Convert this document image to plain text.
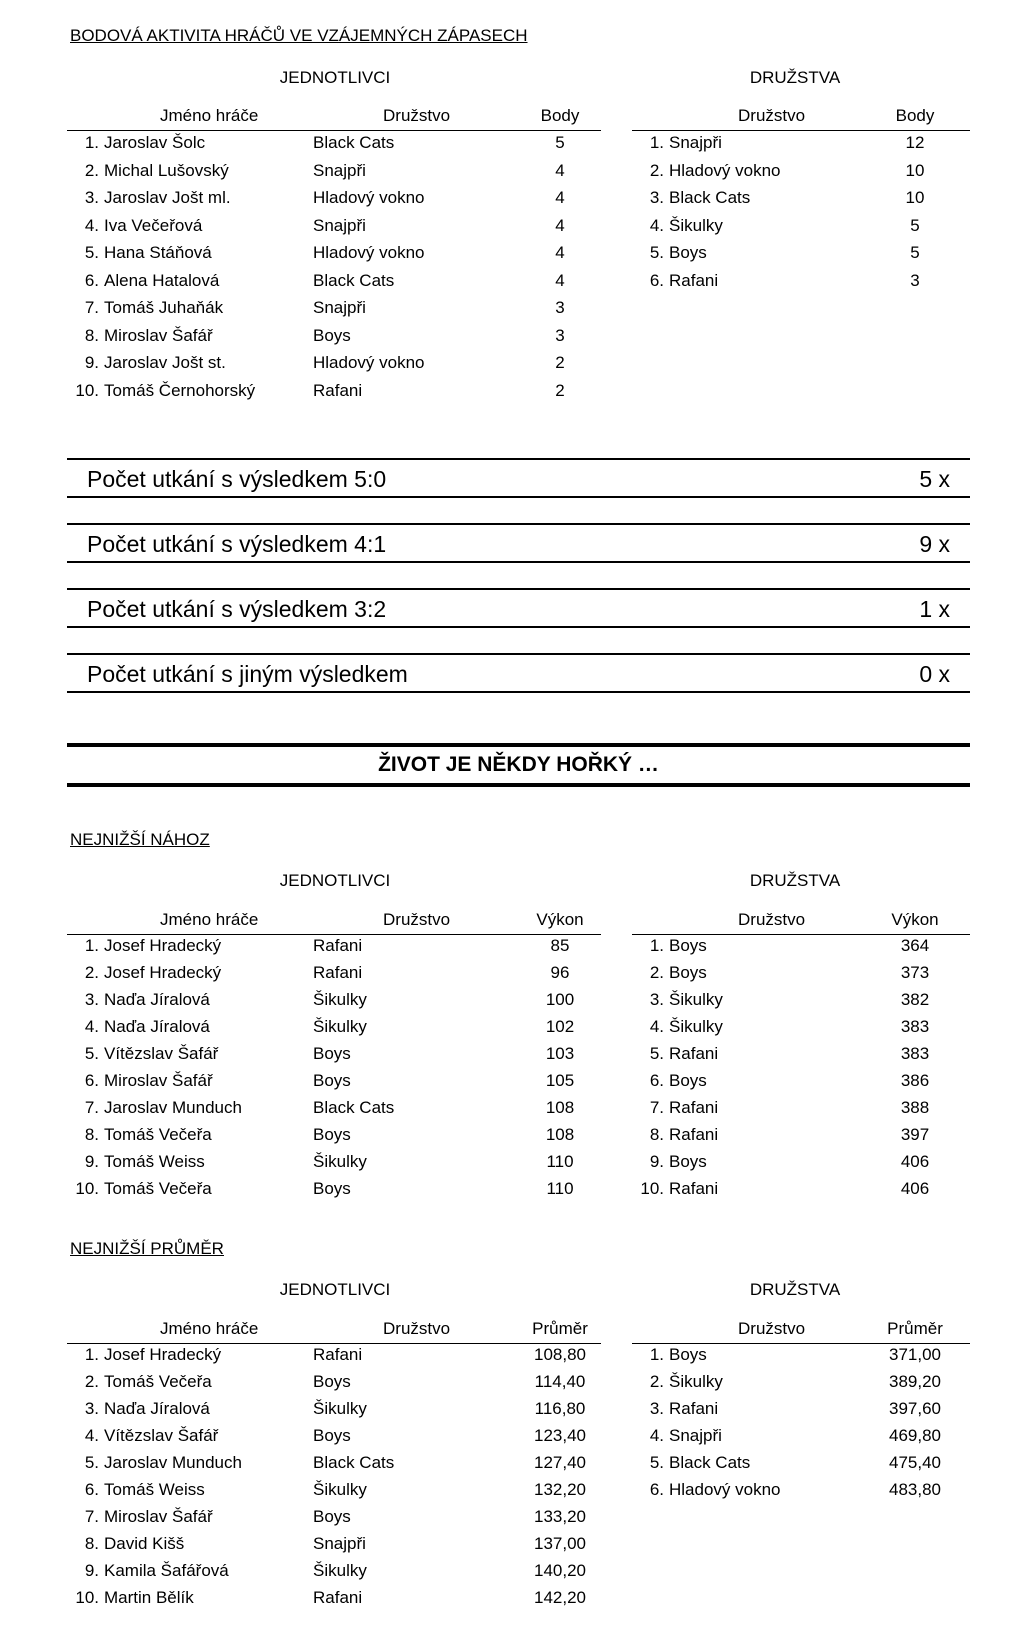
BODOVÁ AKTIVITA HRÁČŮ VE VZÁJEMNÝCH ZÁPASECH
JEDNOTLIVCI	DRUŽSTVA
Jméno hráče	Družstvo	Body	Družstvo	Body
1. Jaroslav Šolc	Black Cats	5
2. Michal Lušovský	Snajpři	4
3. Jaroslav Jošt ml.	Hladový vokno	4
4. Iva Večeřová	Snajpři	4
5. Hana Stáňová	Hladový vokno	4
6. Alena Hatalová	Black Cats	4
7. Tomáš Juhaňák	Snajpři	3
8. Miroslav Šafář	Boys	3
9. Jaroslav Jošt st.	Hladový vokno	2
10. Tomáš Černohorský	Rafani	2
1. Snajpři	12
2. Hladový vokno	10
3. Black Cats	10
4. Šikulky	5
5. Boys	5
6. Rafani	3
NEJNIŽŠÍ NÁHOZ
JEDNOTLIVCI	DRUŽSTVA
Jméno hráče	Družstvo	Výkon	Družstvo	Výkon
1. Josef Hradecký	Rafani	85
2. Josef Hradecký	Rafani	96
3. Naďa Jíralová	Šikulky	100
4. Naďa Jíralová	Šikulky	102
5. Vítězslav Šafář	Boys	103
6. Miroslav Šafář	Boys	105
7. Jaroslav Munduch	Black Cats	108
8. Tomáš Večeřa	Boys	108
9. Tomáš Weiss	Šikulky	110
10. Tomáš Večeřa	Boys	110
1. Boys	364
2. Boys	373
3. Šikulky	382
4. Šikulky	383
5. Rafani	383
6. Boys	386
7. Rafani	388
8. Rafani	397
9. Boys	406
10. Rafani	406
NEJNIŽŠÍ PRŮMĚR
JEDNOTLIVCI	DRUŽSTVA
Jméno hráče	Družstvo	Průměr	Družstvo	Průměr
1. Josef Hradecký	Rafani	108,80
2. Tomáš Večeřa	Boys	114,40
3. Naďa Jíralová	Šikulky	116,80
4. Vítězslav Šafář	Boys	123,40
5. Jaroslav Munduch	Black Cats	127,40
6. Tomáš Weiss	Šikulky	132,20
7. Miroslav Šafář	Boys	133,20
8. David Kišš	Snajpři	137,00
9. Kamila Šafářová	Šikulky	140,20
10. Martin Bělík	Rafani	142,20
1. Boys	371,00
2. Šikulky	389,20
3. Rafani	397,60
4. Snajpři	469,80
5. Black Cats	475,40
6. Hladový vokno	483,80
Počet utkání s výsledkem 5:0	5 x
Počet utkání s výsledkem 4:1	9 x
Počet utkání s výsledkem 3:2	1 x
Počet utkání s jiným výsledkem	0 x
ŽIVOT JE NĚKDY HOŘKÝ …
